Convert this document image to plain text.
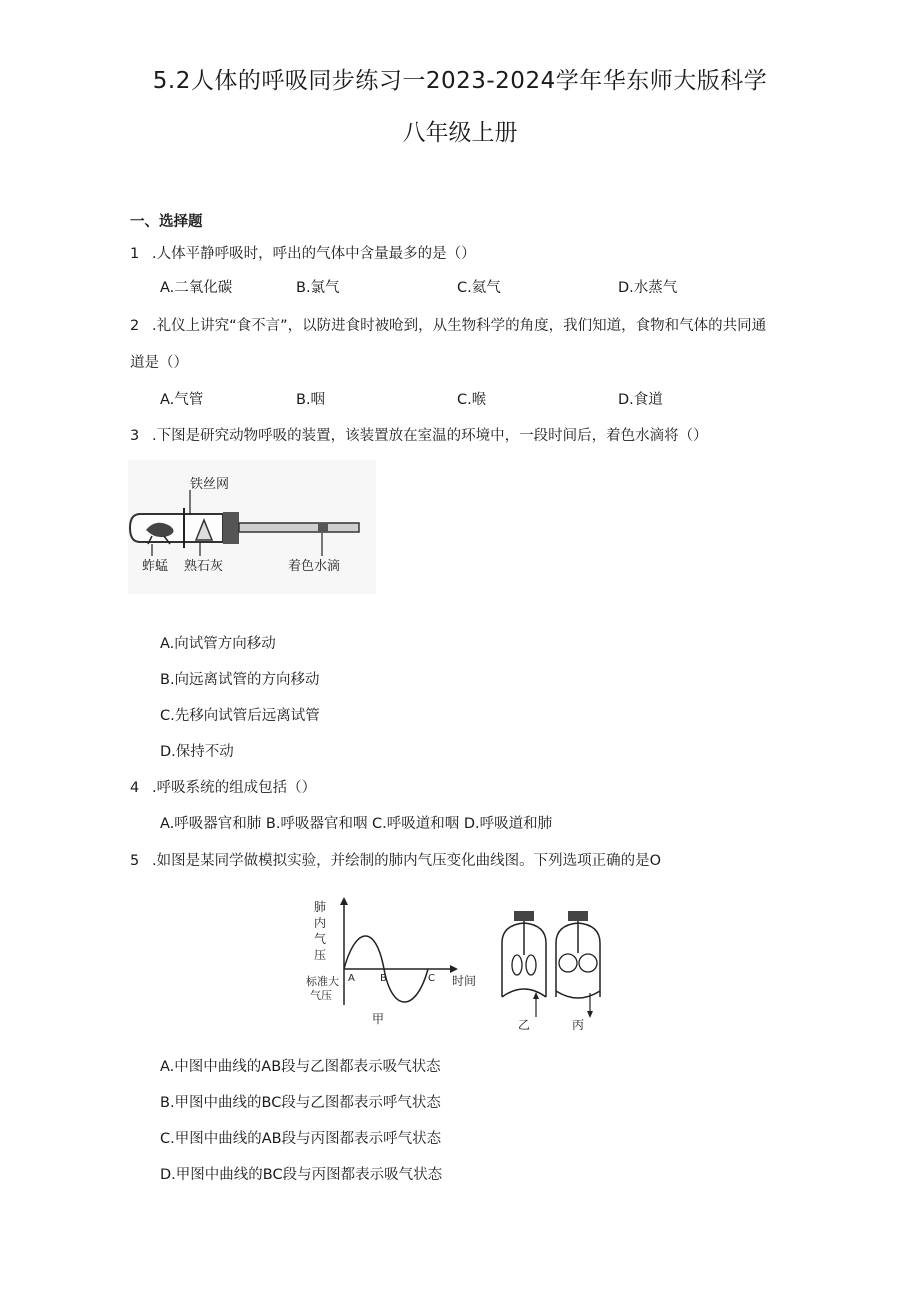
5.2人体的呼吸同步练习一2023-2024学年华东师大版科学
八年级上册
一、选择题
1 .人体平静呼吸时，呼出的气体中含量最多的是（）
A.二氧化碳	B.氯气	C.氦气	D.水蒸气
2 .礼仪上讲究“食不言”，以防进食时被呛到，从生物科学的角度，我们知道，食物和气体的共同通
道是（）
A.气管	B.咽	C.喉	D.食道
3 .下图是研究动物呼吸的装置，该装置放在室温的环境中，一段时间后，着色水滴将（）
铁丝网
蚱蜢 熟石灰	着色水滴
A.向试管方向移动
B.向远离试管的方向移动
C.先移向试管后远离试管
D.保持不动
4 .呼吸系统的组成包括（）
A.呼吸器官和肺 B.呼吸器官和咽 C.呼吸道和咽 D.呼吸道和肺
5 .如图是某同学做模拟实验，并绘制的肺内气压变化曲线图。下列选项正确的是O
肺
内
气
压
标准大
气压
A	B	C 时间
甲	乙	丙
A.中图中曲线的AB段与乙图都表示吸气状态
B.甲图中曲线的BC段与乙图都表示呼气状态
C.甲图中曲线的AB段与丙图都表示呼气状态
D.甲图中曲线的BC段与丙图都表示吸气状态
